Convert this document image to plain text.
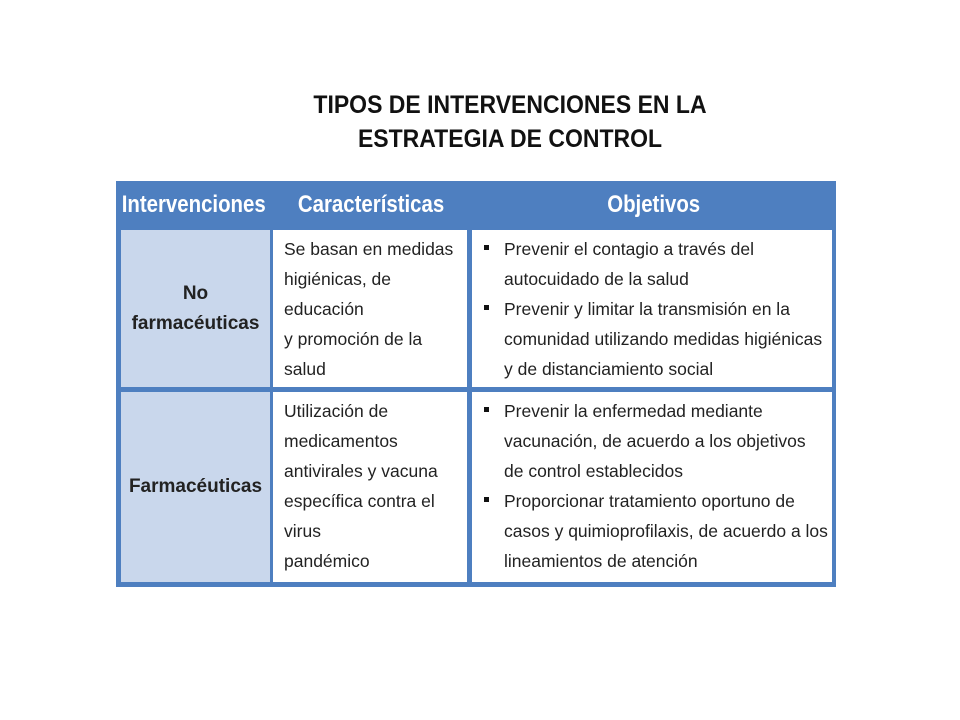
TIPOS DE INTERVENCIONES EN LA
ESTRATEGIA DE CONTROL
Intervenciones Características	Objetivos
No
farmacéuticas
Se basan en medidas
higiénicas, de educación
y promoción de la salud
Prevenir el contagio a través del autocuidado de la salud
Prevenir y limitar la transmisión en la comunidad utilizando medidas higiénicas y de distanciamiento social
Farmacéuticas
Utilización de
medicamentos
antivirales y vacuna
específica contra el virus
pandémico
Prevenir la enfermedad mediante vacunación, de acuerdo a los objetivos de control establecidos
Proporcionar tratamiento oportuno de casos y quimioprofilaxis, de acuerdo a los lineamientos de atención
